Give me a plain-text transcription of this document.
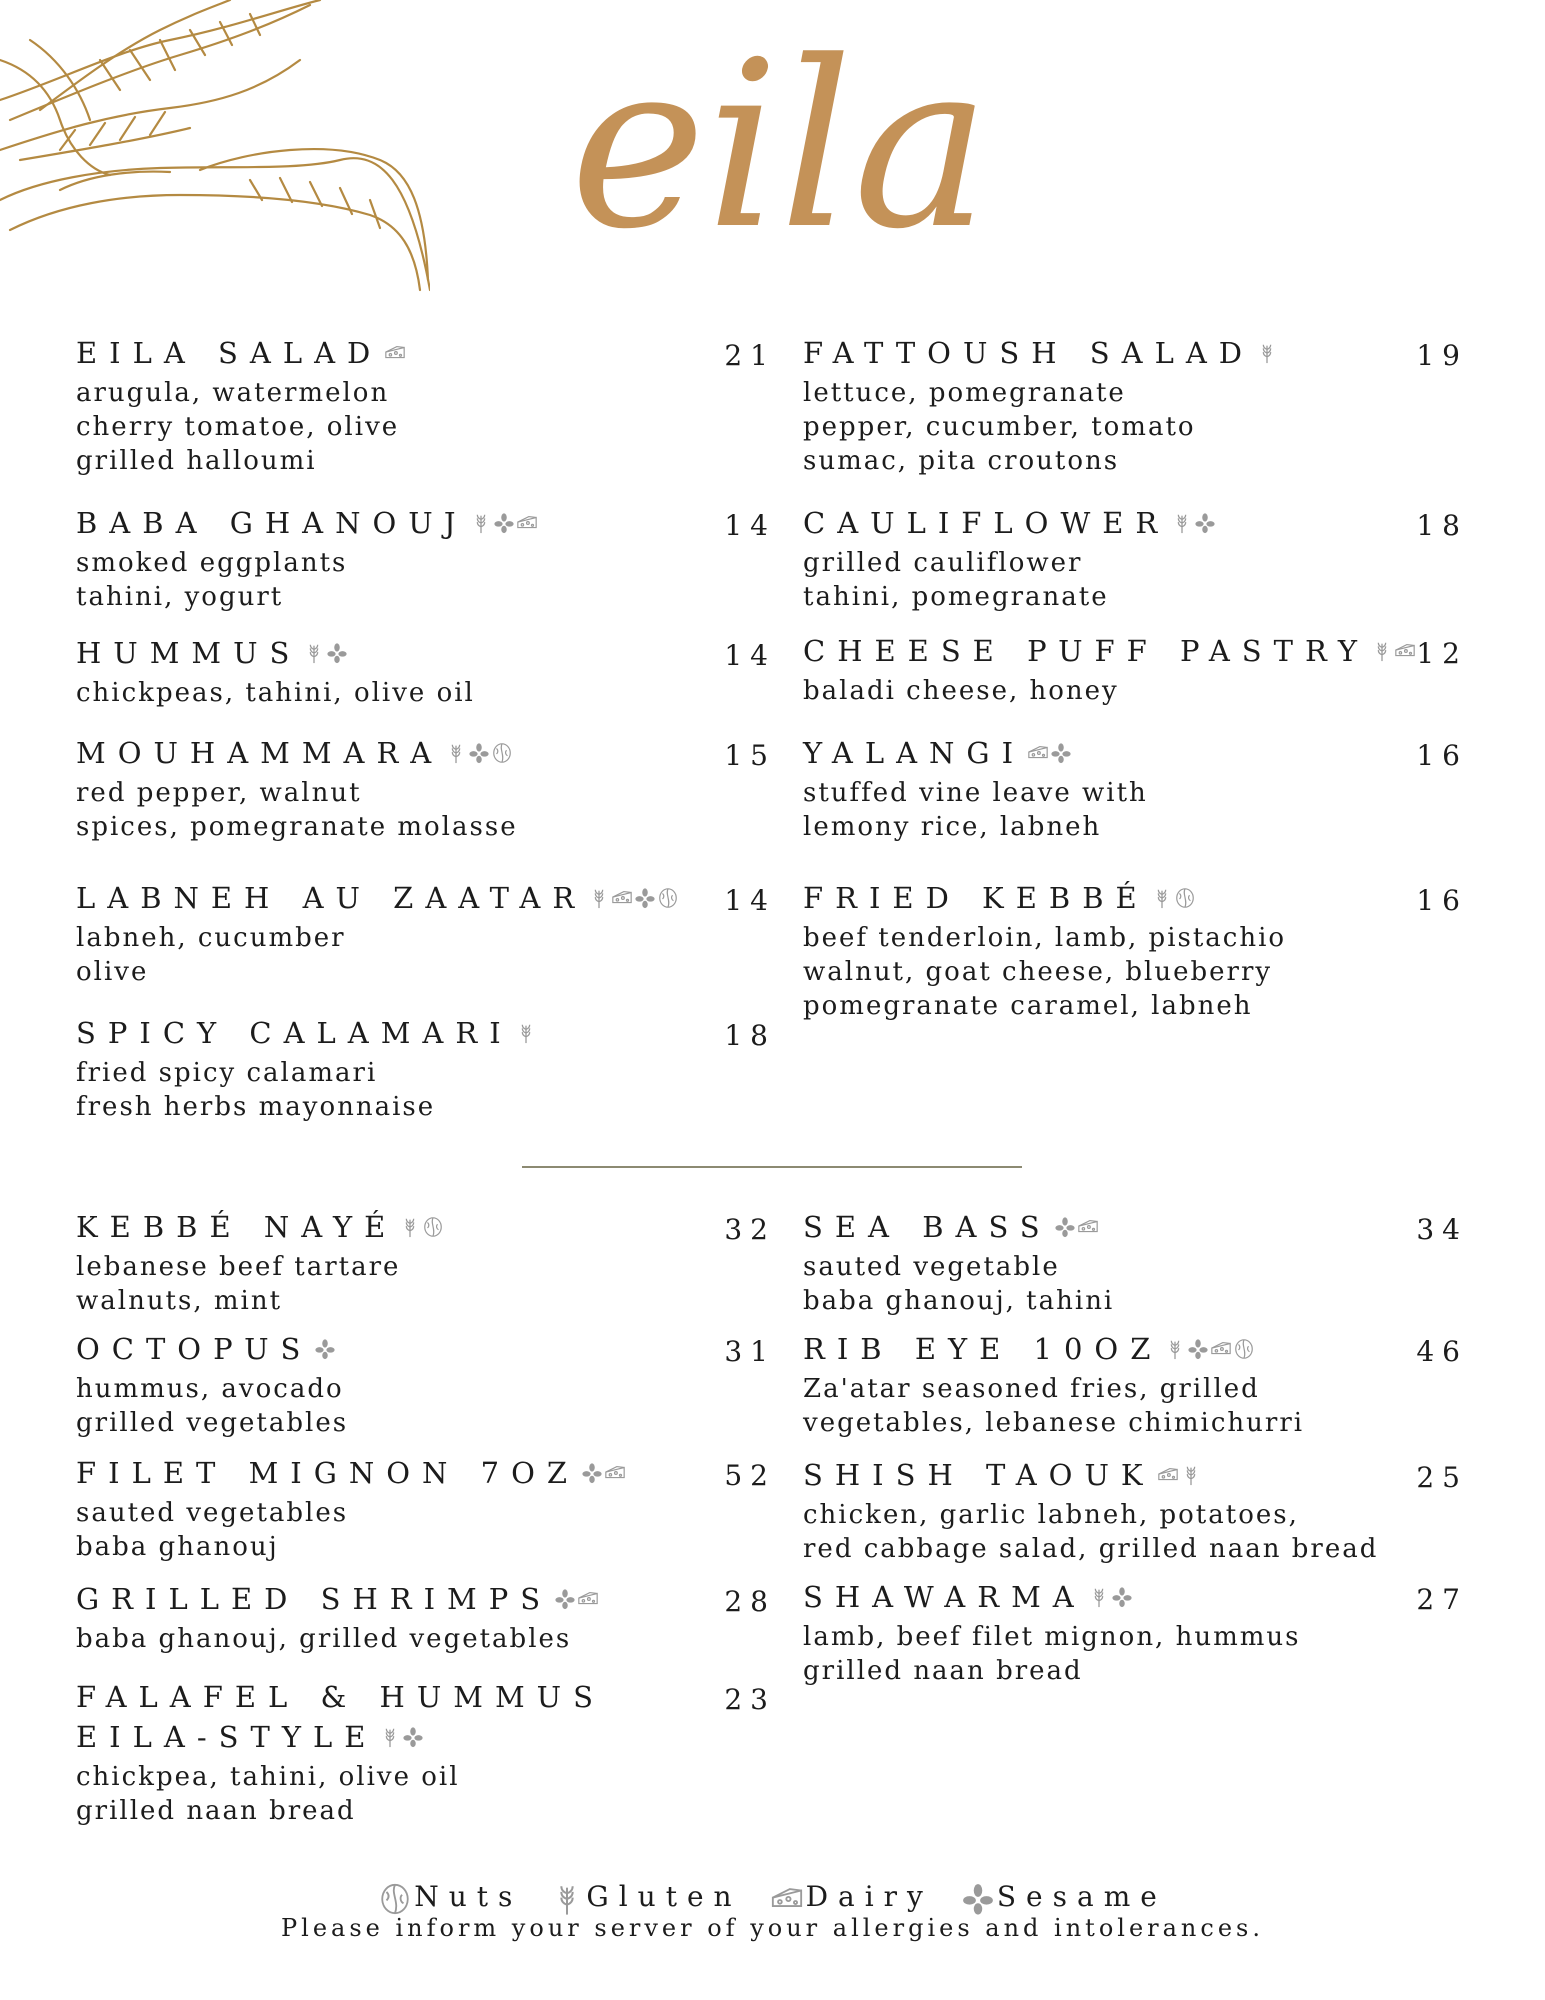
eila
EILA SALAD	21
arugula, watermelon
cherry tomatoe, olive
grilled halloumi
BABA GHANOUJ	14
smoked eggplants
tahini, yogurt
HUMMUS	14
chickpeas, tahini, olive oil
MOUHAMMARA	15
red pepper, walnut
spices, pomegranate molasse
LABNEH AU ZAATAR	14
labneh, cucumber
olive
SPICY CALAMARI	18
fried spicy calamari
fresh herbs mayonnaise
FATTOUSH SALAD	19
lettuce, pomegranate
pepper, cucumber, tomato
sumac, pita croutons
CAULIFLOWER	18
grilled cauliflower
tahini, pomegranate
CHEESE PUFF PASTRY 12
baladi cheese, honey
YALANGI	16
stuffed vine leave with
lemony rice, labneh
FRIED KEBBÉ	16
beef tenderloin, lamb, pistachio
walnut, goat cheese, blueberry
pomegranate caramel, labneh
KEBBÉ NAYÉ	32
lebanese beef tartare
walnuts, mint
OCTOPUS	31
hummus, avocado
grilled vegetables
FILET MIGNON 7OZ	52
sauted vegetables
baba ghanouj
GRILLED SHRIMPS	28
baba ghanouj, grilled vegetables
FALAFEL & HUMMUS	23
EILA-STYLE
chickpea, tahini, olive oil
grilled naan bread
SEA BASS	34
sauted vegetable
baba ghanouj, tahini
RIB EYE 10OZ	46
Za'atar seasoned fries, grilled
vegetables, lebanese chimichurri
SHISH TAOUK	25
chicken, garlic labneh, potatoes,
red cabbage salad, grilled naan bread
SHAWARMA	27
lamb, beef filet mignon, hummus
grilled naan bread
Nuts Gluten Dairy Sesame
Please inform your server of your allergies and intolerances.
